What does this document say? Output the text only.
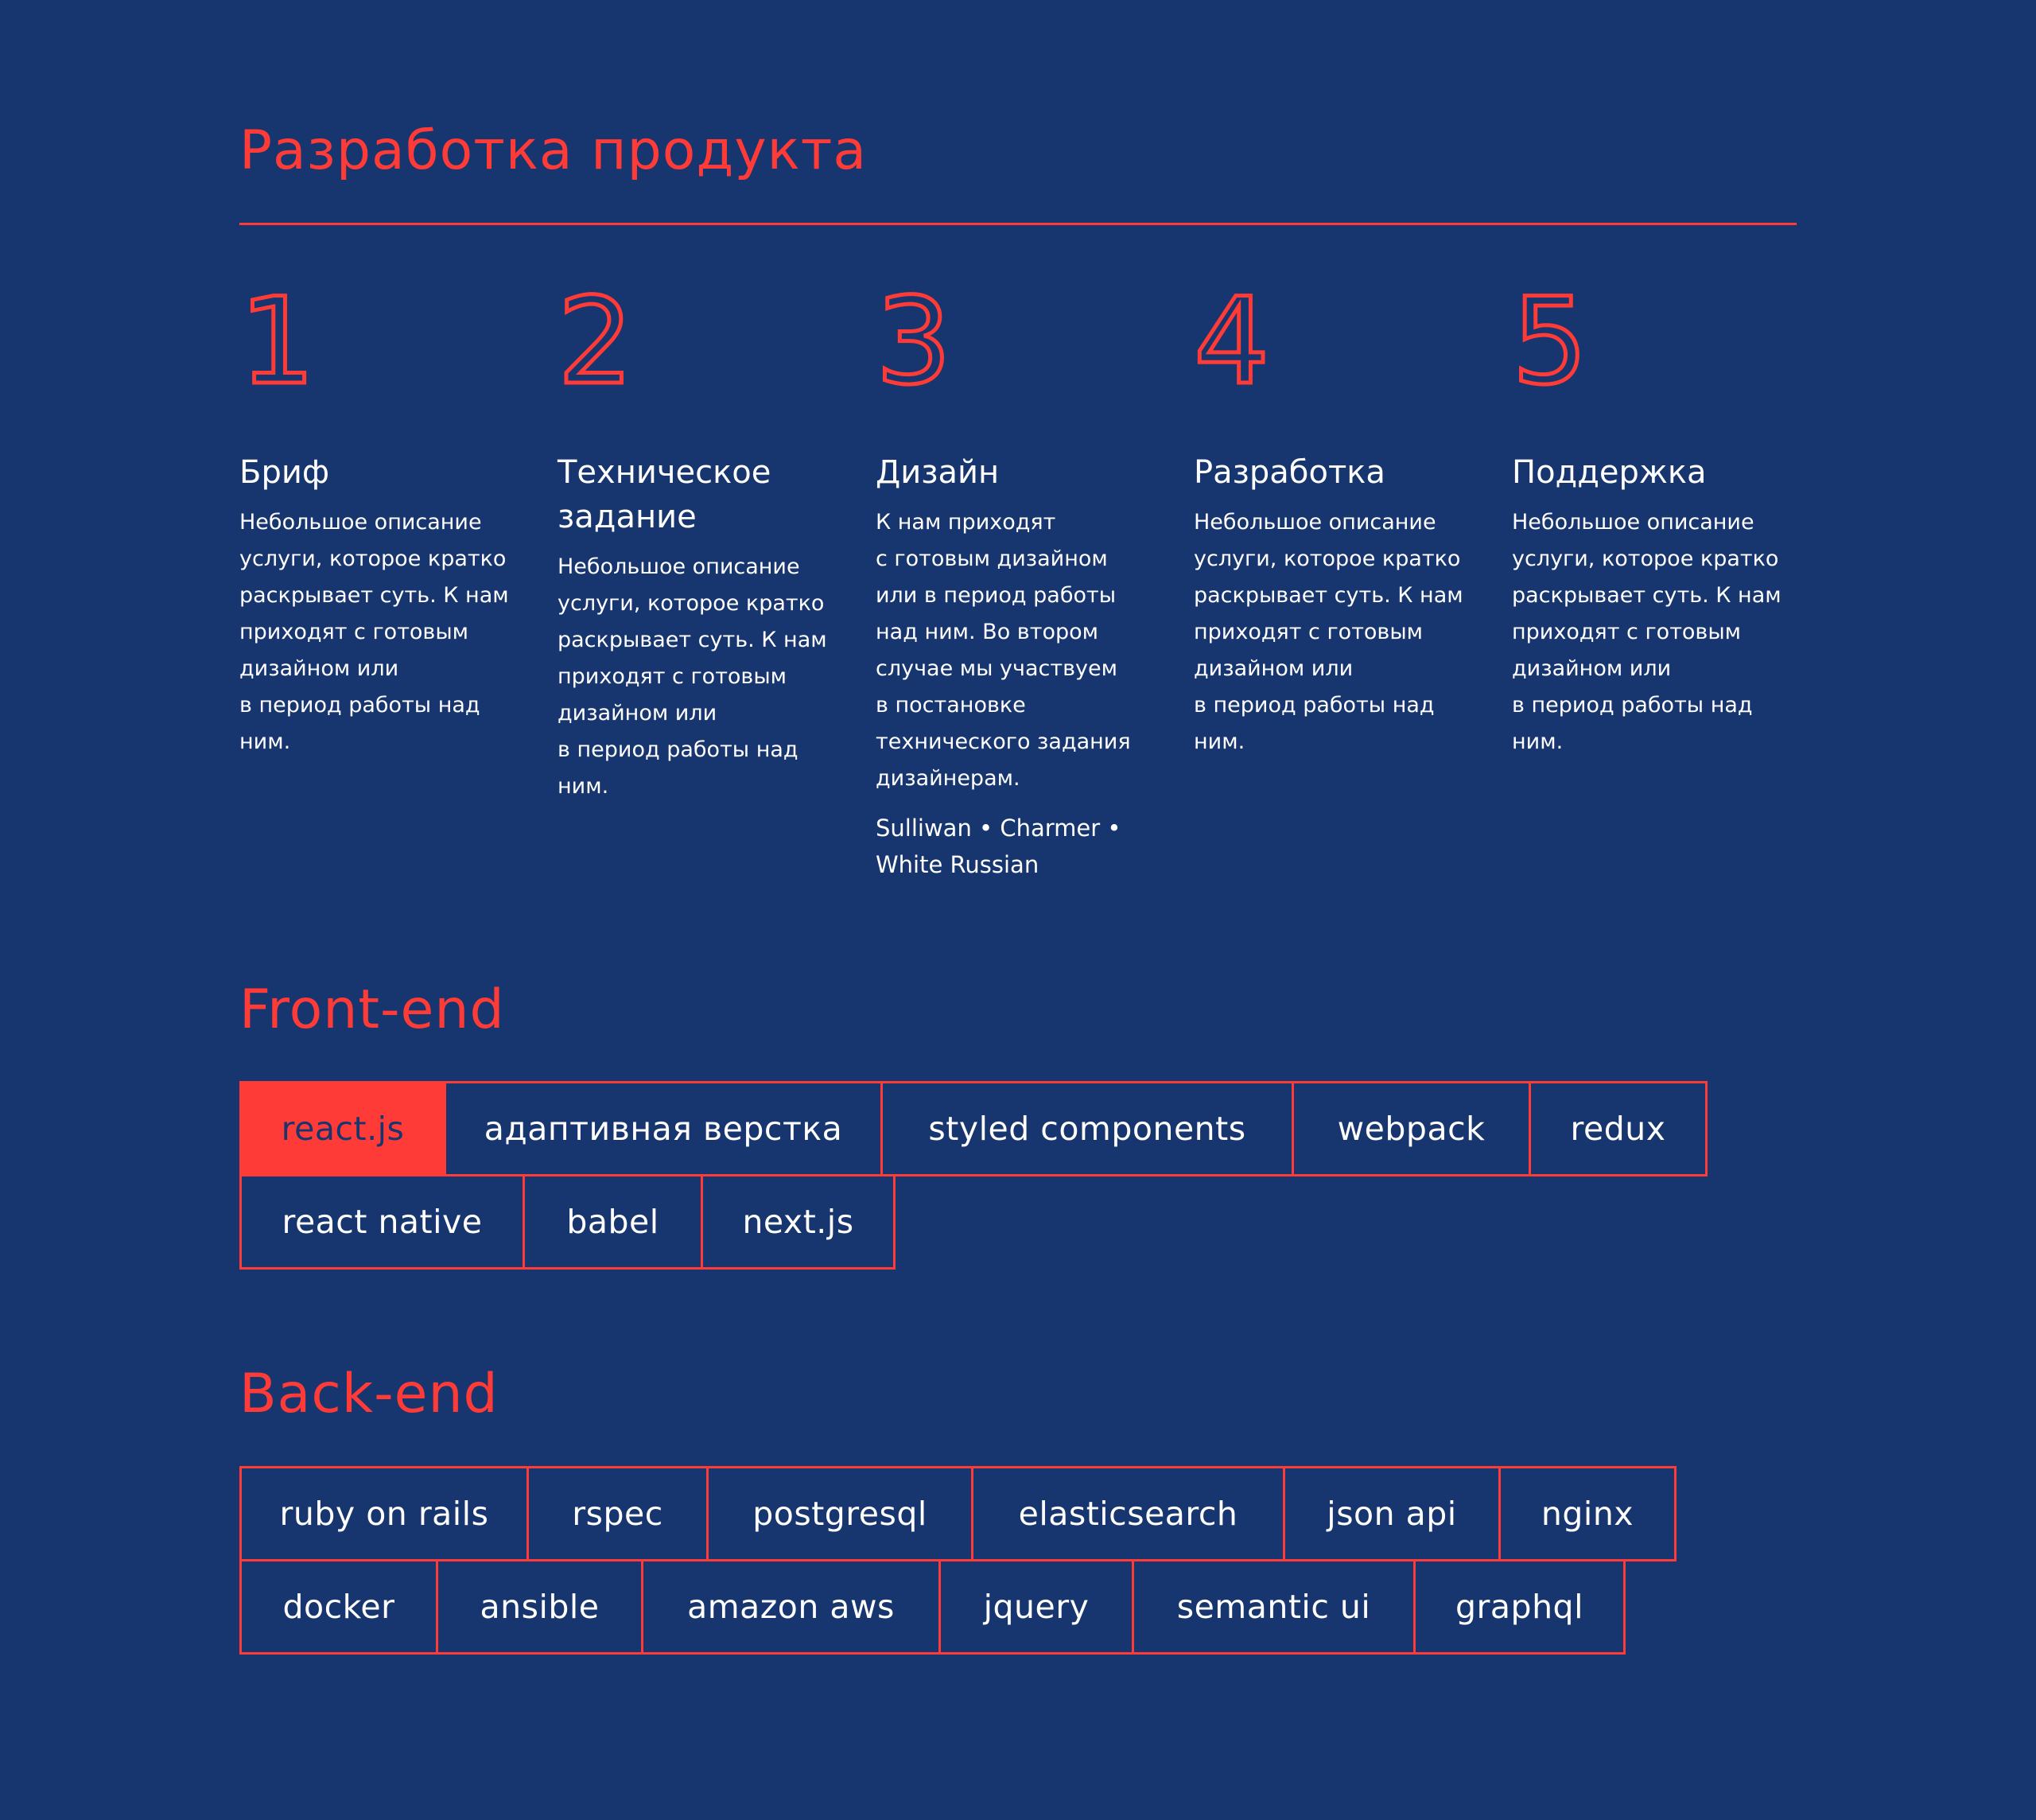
Разработка продукта
1
Бриф

Небольшое описание
услуги, которое кратко
раскрывает суть. К нам
приходят с готовым
дизайном или
в период работы над
ним.

2
Техническое
задание

Небольшое описание
услуги, которое кратко
раскрывает суть. К нам
приходят с готовым
дизайном или
в период работы над
ним.

3
Дизайн

К нам приходят
с готовым дизайном
или в период работы
над ним. Во втором
случае мы участвуем
в постановке
технического задания
дизайнерам.

Sulliwan • Charmer •
White Russian

4
Разработка

Небольшое описание
услуги, которое кратко
раскрывает суть. К нам
приходят с готовым
дизайном или
в период работы над
ним.

5
Поддержка

Небольшое описание
услуги, которое кратко
раскрывает суть. К нам
приходят с готовым
дизайном или
в период работы над
ним.

Front-end
react.js	адаптивная верстка	styled components	webpack	redux
react native	babel	next.js
Back-end
ruby on rails	rspec	postgresql	elasticsearch	json api	nginx
docker	ansible	amazon aws	jquery	semantic ui	graphql
